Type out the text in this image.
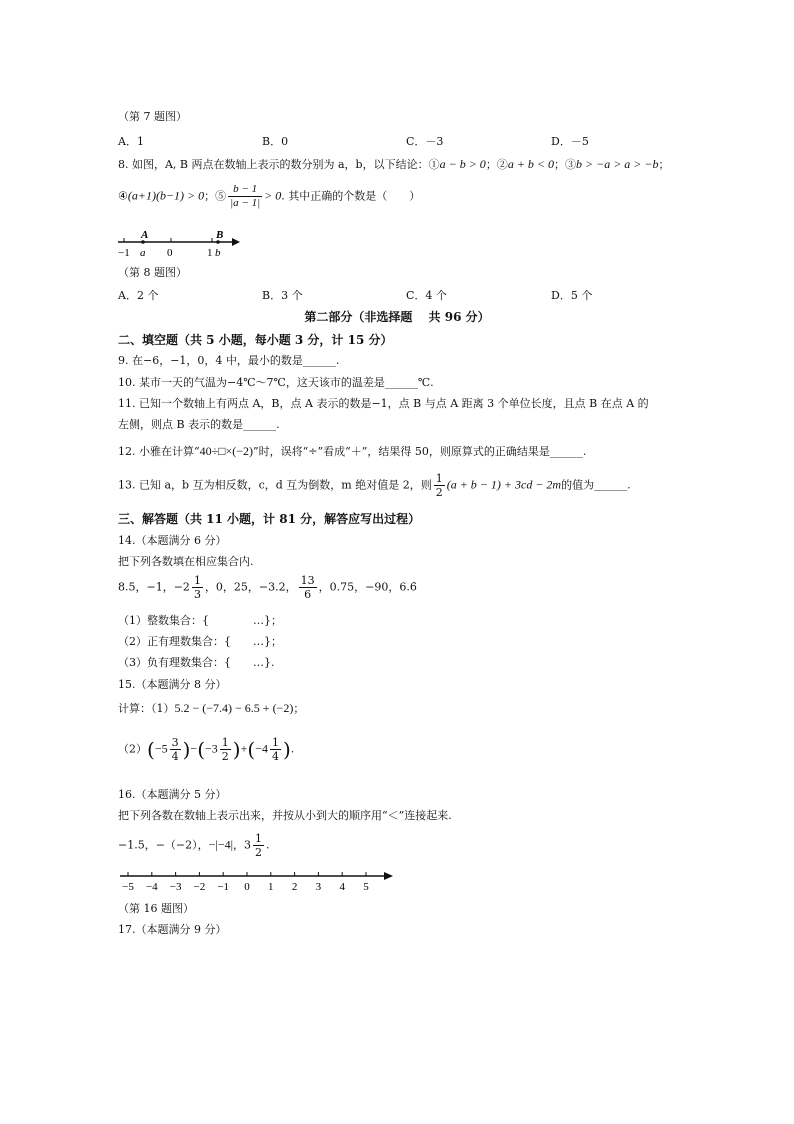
（第 7 题图）
A．1	B．0	C．－3	D．－5
8. 如图，A, B 两点在数轴上表示的数分别为 a，b，以下结论：①a − b > 0；②a + b < 0；③b > −a > a > −b；
④(a+1)(b−1) > 0；⑤ $\frac{b - 1}{|a - 1|} > 0$. 其中正确的个数是（　　）
A	B
−1 a 0	1 b
（第 8 题图）
A．2 个	B．3 个	C．4 个	D．5 个
第二部分（非选择题　 共 96 分）
二、填空题（共 5 小题，每小题 3 分，计 15 分）
9. 在−6，−1，0，4 中，最小的数是______.
10. 某市一天的气温为−4℃～7℃，这天该市的温差是______℃.
11. 已知一个数轴上有两点 A，B，点 A 表示的数是−1，点 B 与点 A 距离 3 个单位长度，且点 B 在点 A 的
左侧，则点 B 表示的数是______.
12. 小雅在计算“40÷□×(−2)”时，误将“÷”看成“＋”，结果得 50，则原算式的正确结果是______.
13. 已知 a，b 互为相反数，c，d 互为倒数，m 绝对值是 2，则 $\frac{1}{2} (a + b - 1) + 3cd - 2m$的值为______.
三、解答题（共 11 小题，计 81 分，解答应写出过程）
14.（本题满分 6 分）
把下列各数填在相应集合内.
8.5，−1，$-2 \frac{1}{3}$ ，0，25，−3.2， $\frac{13}{6}$ ，0.75，−90，6.6̇
（1）整数集合：{　　　　…}；
（2）正有理数集合：{　　…}；
（3）负有理数集合：{　　…}.
15.（本题满分 8 分）
计算：（1）5.2 − (−7.4) − 6.5 + (−2)；
$(2)(-5 \frac{3}{4} )-(-3 \frac{1}{2} )+(-4 \frac{1}{4}$ ).
16.（本题满分 5 分）
把下列各数在数轴上表示出来，并按从小到大的顺序用“＜”连接起来.
−1.5，−（−2），−|−4|，$3 \frac{1}{2}$ .
−5 −4 −3 −2 −1 0 1 2 3 4 5
（第 16 题图）
17.（本题满分 9 分）
